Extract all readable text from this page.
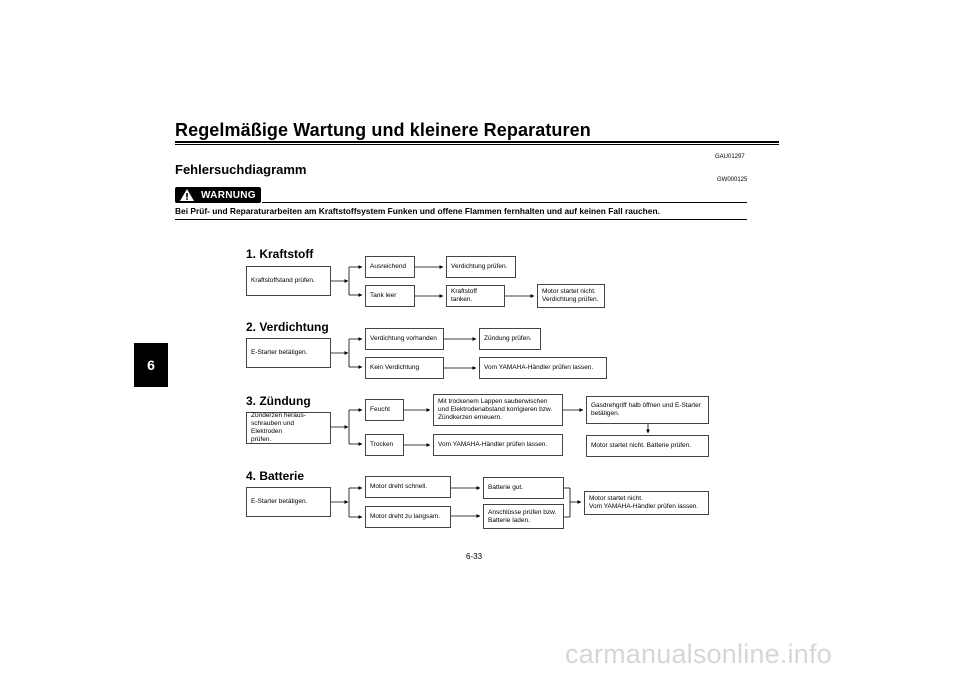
Regelmäßige Wartung und kleinere Reparaturen
GAU01297
Fehlersuchdiagramm
GW000125
6
WARNUNG
Bei Prüf- und Reparaturarbeiten am Kraftstoffsystem Funken und offene Flammen fernhalten und auf keinen Fall rauchen.
1. Kraftstoff
Kraftstoffstand prüfen.
Ausreichend	Verdichtung prüfen.
Tank leer
Kraftstoff tanken.
Motor startet nicht.
Verdichtung prüfen.
2. Verdichtung
E-Starter betätigen.
Verdichtung vorhanden	Zündung prüfen.
Kein Verdichtung	Vom YAMAHA-Händler prüfen lassen.
3. Zündung
Zünderzen heraus-
schrauben und Elektroden
prüfen.
Feucht
Mit trockenem Lappen sauberwischen
und Elektrodenabstand korrigieren bzw.
Zündkerzen erneuern.
Gasdrehgriff halb öffnen und E-Starter
betätigen.
Trocken	Vom YAMAHA-Händler prüfen lassen.	Motor startet nicht. Batterie prüfen.
4. Batterie
E-Starter betätigen.
Motor dreht schnell.	Batterie gut.
Motor dreht zu langsam.
Anschlüsse prüfen bzw.
Batterie laden.
Motor startet nicht.
Vom YAMAHA-Händler prüfen lassen.
6-33
carmanualsonline.info
